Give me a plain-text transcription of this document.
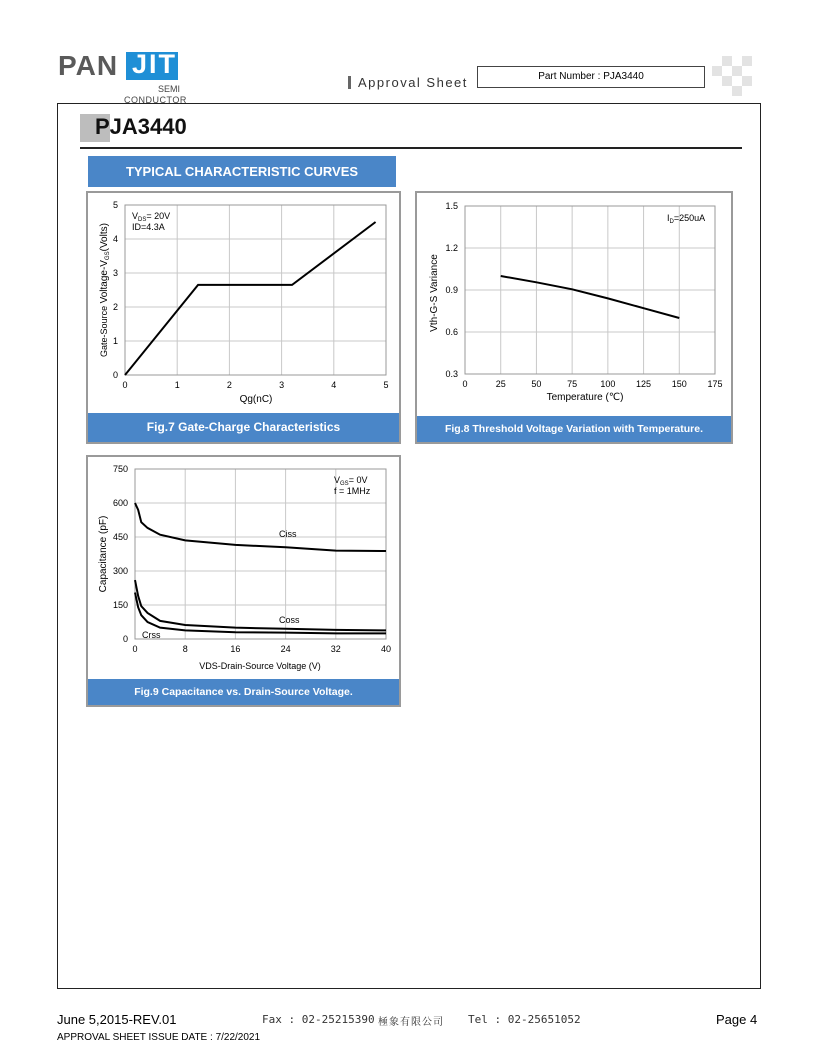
PAN JIT
SEMI
CONDUCTOR
Approval Sheet	Part Number : PJA3440
PJA3440
TYPICAL CHARACTERISTIC CURVES
0	1	2	3	4	5
0
1
2
3
4
5
$V_{DS}= 20V$
ID=4.3A
Qg(nC)
Gate-Source Voltage-$V_{GS}(Volts)$
Fig.7 Gate-Charge Characteristics
0	25	50	75	100 125 150 175
0.3
0.6
0.9
1.2
1.5
$I_D=250uA$
Temperature (℃)
Vth-G-S Variance
Fig.8 Threshold Voltage Variation with Temperature.
0	8	16	24	32	40
0
150
300
450
600
750
$V_{GS}= 0V$
f = 1MHz
Ciss
Coss
Crss
VDS-Drain-Source Voltage (V)
Capacitance (pF)
Fig.9 Capacitance vs. Drain-Source Voltage.
June 5,2015-REV.01	Fax : 02-25215390 極象有限公司 Tel : 02-25651052	Page 4
APPROVAL SHEET ISSUE DATE : 7/22/2021
